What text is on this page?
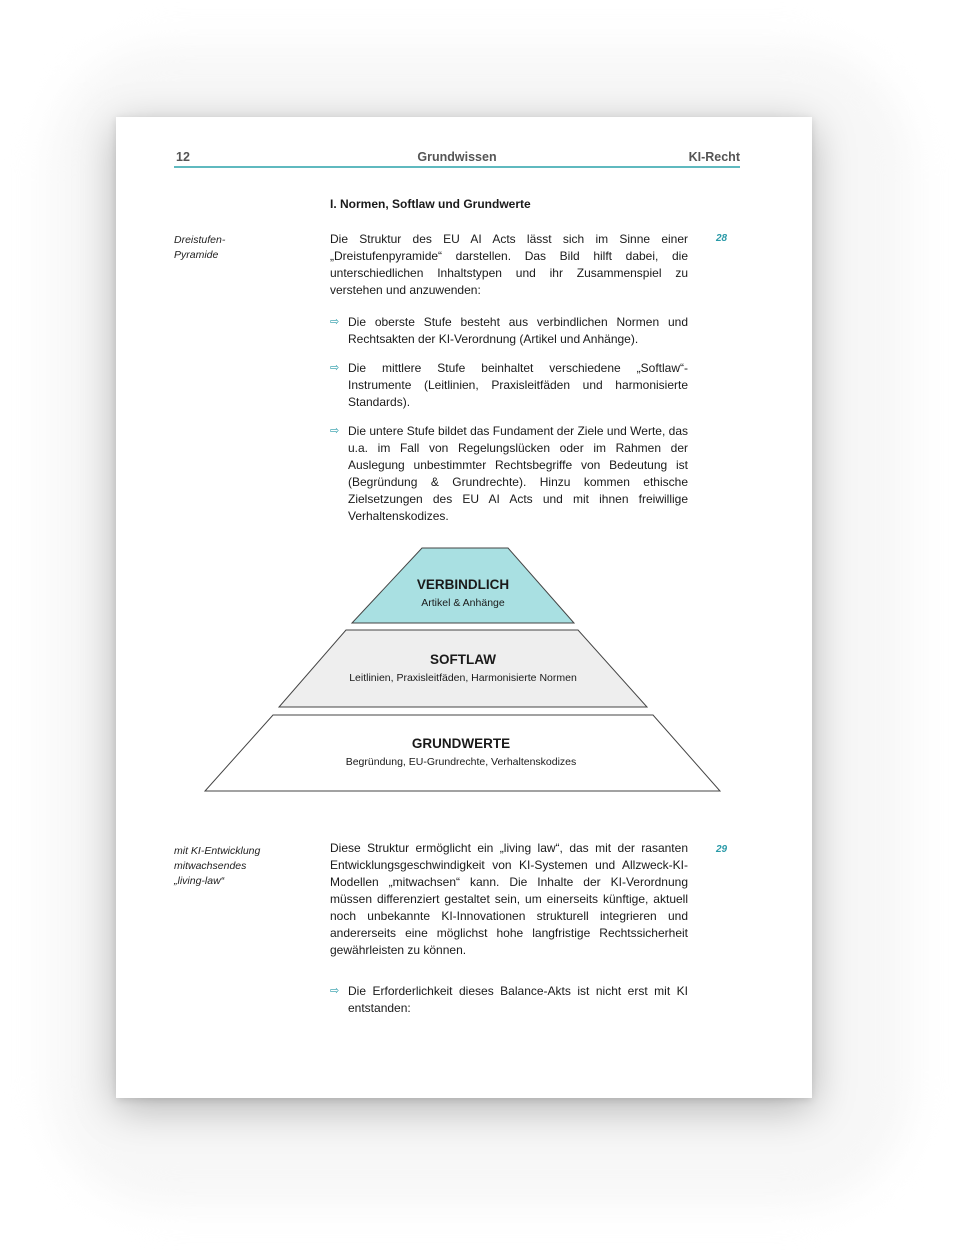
12	Grundwissen	KI-Recht
I. Normen, Softlaw und Grundwerte
Dreistufen-
Pyramide
28
Die Struktur des EU AI Acts lässt sich im Sinne einer „Dreistufenpyramide“ darstellen. Das Bild hilft dabei, die unterschiedlichen Inhaltstypen und ihr Zusammenspiel zu verstehen und anzuwenden:
⇨ Die oberste Stufe besteht aus verbindlichen Normen und Rechtsakten der KI-Verordnung (Artikel und Anhänge).
⇨ Die mittlere Stufe beinhaltet verschiedene „Softlaw“-Instrumente (Leitlinien, Praxisleitfäden und harmonisierte Standards).
⇨ Die untere Stufe bildet das Fundament der Ziele und Werte, das u.a. im Fall von Regelungslücken oder im Rahmen der Auslegung unbestimmter Rechtsbegriffe von Bedeutung ist (Begründung & Grundrechte). Hinzu kommen ethische Zielsetzungen des EU AI Acts und mit ihnen freiwillige Verhaltenskodizes.
VERBINDLICH
Artikel & Anhänge
SOFTLAW
Leitlinien, Praxisleitfäden, Harmonisierte Normen
GRUNDWERTE
Begründung, EU-Grundrechte, Verhaltenskodizes
mit KI-Entwicklung
mitwachsendes
„living-law“
29
Diese Struktur ermöglicht ein „living law“, das mit der rasanten Entwicklungsgeschwindigkeit von KI-Systemen und Allzweck-KI-Modellen „mitwachsen“ kann. Die Inhalte der KI-Verordnung müssen differenziert gestaltet sein, um einerseits künftige, aktuell noch unbekannte KI-Innovationen strukturell integrieren und andererseits eine möglichst hohe langfristige Rechtssicherheit gewährleisten zu können.
⇨ Die Erforderlichkeit dieses Balance-Akts ist nicht erst mit KI entstanden:
